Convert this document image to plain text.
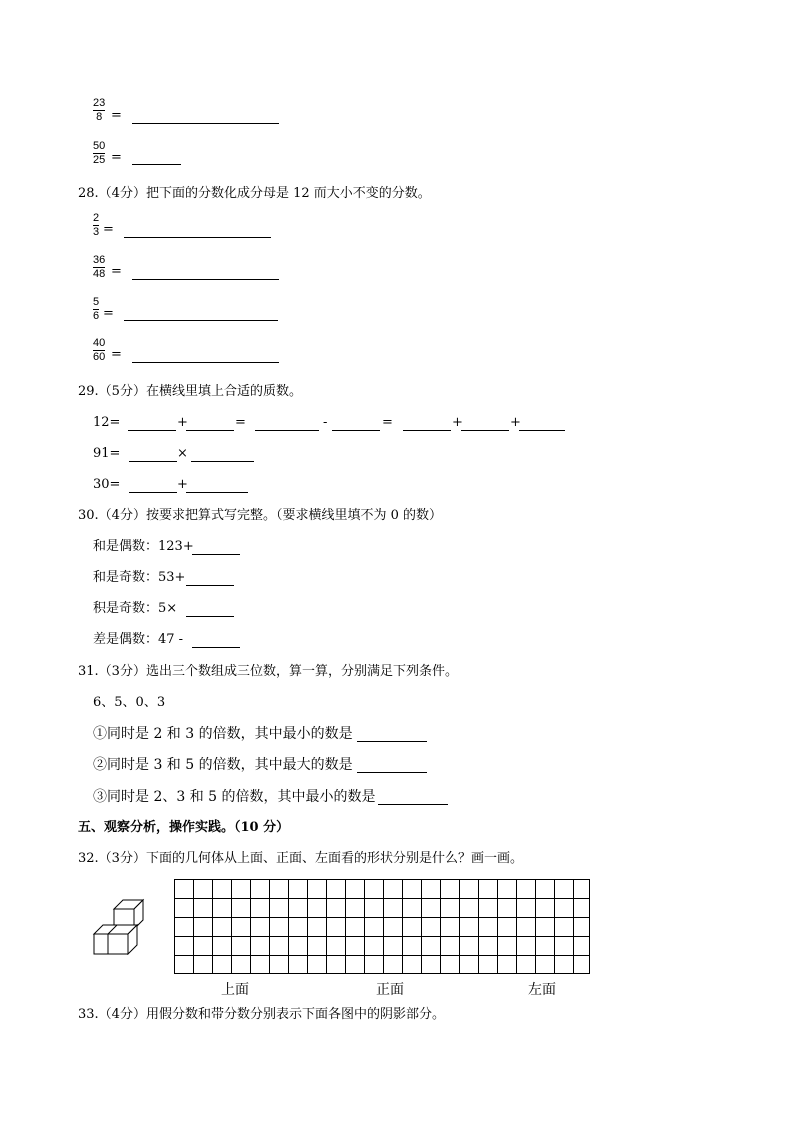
23
8 =
50
25 =
28.（4分）把下面的分数化成分母是 12 而大小不变的分数。
2
3 =
36
48 =
5
6 =
40
60 =
29.（5分）在横线里填上合适的质数。
12=	+	=	-	=	+	+
91=	×
30=	+
30.（4分）按要求把算式写完整。（要求横线里填不为 0 的数）
和是偶数：123+
和是奇数：53+
积是奇数：5×
差是偶数：47 -
31.（3分）选出三个数组成三位数，算一算，分别满足下列条件。
6、5、0、3
①同时是 2 和 3 的倍数，其中最小的数是
②同时是 3 和 5 的倍数，其中最大的数是
③同时是 2、3 和 5 的倍数，其中最小的数是
五、观察分析，操作实践。（10 分）
32.（3分）下面的几何体从上面、正面、左面看的形状分别是什么？画一画。
上面	正面	左面
33.（4分）用假分数和带分数分别表示下面各图中的阴影部分。
